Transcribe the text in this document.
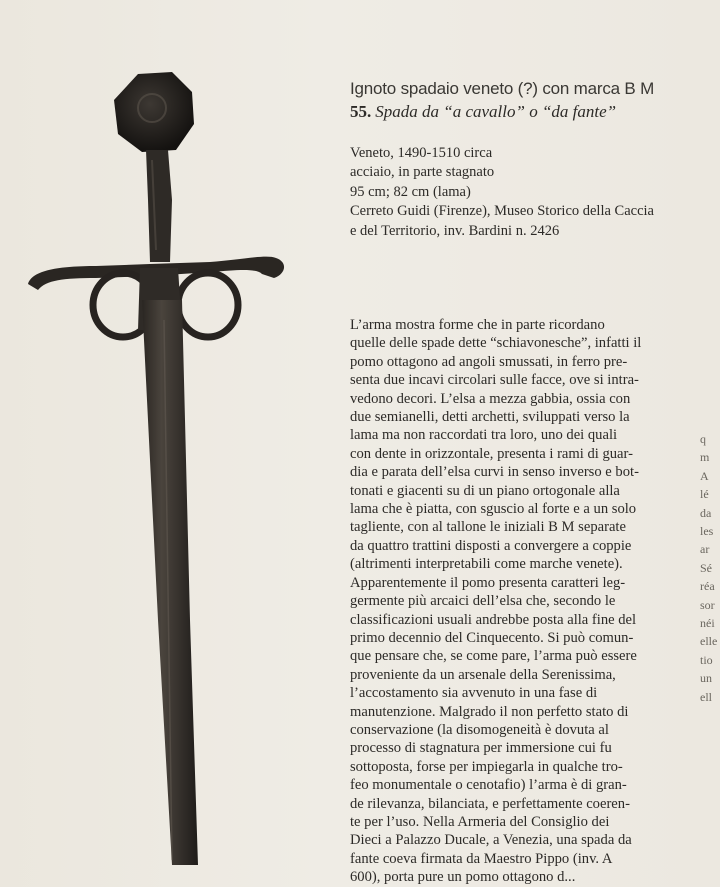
Ignoto spadaio veneto (?) con marca B M

55. Spada da “a cavallo” o “da fante”

Veneto, 1490-1510 circa
acciaio, in parte stagnato
95 cm; 82 cm (lama)
Cerreto Guidi (Firenze), Museo Storico della Caccia
e del Territorio, inv. Bardini n. 2426
L’arma mostra forme che in parte ricordano
quelle delle spade dette “schiavonesche”, infatti il
pomo ottagono ad angoli smussati, in ferro pre-
senta due incavi circolari sulle facce, ove si intra-
vedono decori. L’elsa a mezza gabbia, ossia con
due semianelli, detti archetti, sviluppati verso la
lama ma non raccordati tra loro, uno dei quali
con dente in orizzontale, presenta i rami di guar-
dia e parata dell’elsa curvi in senso inverso e bot-
tonati e giacenti su di un piano ortogonale alla
lama che è piatta, con sguscio al forte e a un solo
tagliente, con al tallone le iniziali B M separate
da quattro trattini disposti a convergere a coppie
(altrimenti interpretabili come marche venete).
Apparentemente il pomo presenta caratteri leg-
germente più arcaici dell’elsa che, secondo le
classificazioni usuali andrebbe posta alla fine del
primo decennio del Cinquecento. Si può comun-
que pensare che, se come pare, l’arma può essere
proveniente da un arsenale della Serenissima,
l’accostamento sia avvenuto in una fase di
manutenzione. Malgrado il non perfetto stato di
conservazione (la disomogeneità è dovuta al
processo di stagnatura per immersione cui fu
sottoposta, forse per impiegarla in qualche tro-
feo monumentale o cenotafio) l’arma è di gran-
de rilevanza, bilanciata, e perfettamente coeren-
te per l’uso. Nella Armeria del Consiglio dei
Dieci a Palazzo Ducale, a Venezia, una spada da
fante coeva firmata da Maestro Pippo (inv. A
600), porta pure un pomo ottagono d...
q
m
A
lé
da
les
ar
Sé
réa
sor
néi
elle
tio
un
ell
